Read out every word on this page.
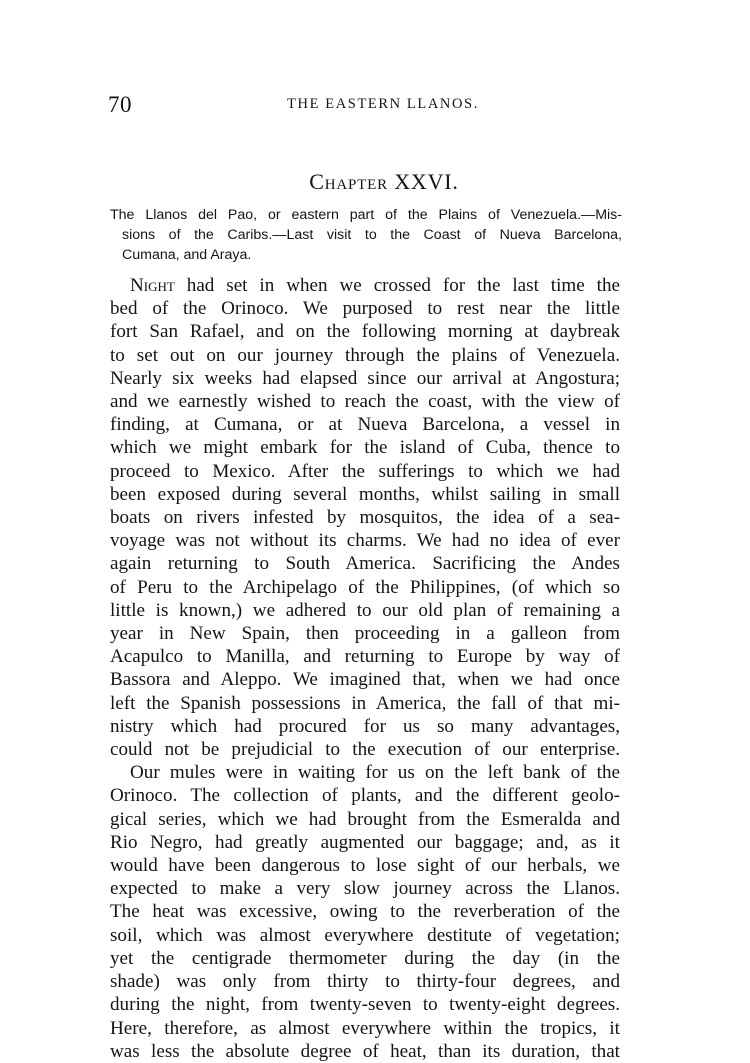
70	THE EASTERN LLANOS.
Chapter XXVI.
The Llanos del Pao, or eastern part of the Plains of Venezuela.—Mis-
sions of the Caribs.—Last visit to the Coast of Nueva Barcelona,
Cumana, and Araya.
Night had set in when we crossed for the last time the
bed of the Orinoco. We purposed to rest near the little
fort San Rafael, and on the following morning at daybreak
to set out on our journey through the plains of Venezuela.
Nearly six weeks had elapsed since our arrival at Angostura;
and we earnestly wished to reach the coast, with the view of
finding, at Cumana, or at Nueva Barcelona, a vessel in
which we might embark for the island of Cuba, thence to
proceed to Mexico. After the sufferings to which we had
been exposed during several months, whilst sailing in small
boats on rivers infested by mosquitos, the idea of a sea-
voyage was not without its charms. We had no idea of ever
again returning to South America. Sacrificing the Andes
of Peru to the Archipelago of the Philippines, (of which so
little is known,) we adhered to our old plan of remaining a
year in New Spain, then proceeding in a galleon from
Acapulco to Manilla, and returning to Europe by way of
Bassora and Aleppo. We imagined that, when we had once
left the Spanish possessions in America, the fall of that mi-
nistry which had procured for us so many advantages,
could not be prejudicial to the execution of our enterprise.
Our mules were in waiting for us on the left bank of the
Orinoco. The collection of plants, and the different geolo-
gical series, which we had brought from the Esmeralda and
Rio Negro, had greatly augmented our baggage; and, as it
would have been dangerous to lose sight of our herbals, we
expected to make a very slow journey across the Llanos.
The heat was excessive, owing to the reverberation of the
soil, which was almost everywhere destitute of vegetation;
yet the centigrade thermometer during the day (in the
shade) was only from thirty to thirty-four degrees, and
during the night, from twenty-seven to twenty-eight degrees.
Here, therefore, as almost everywhere within the tropics, it
was less the absolute degree of heat, than its duration, that
